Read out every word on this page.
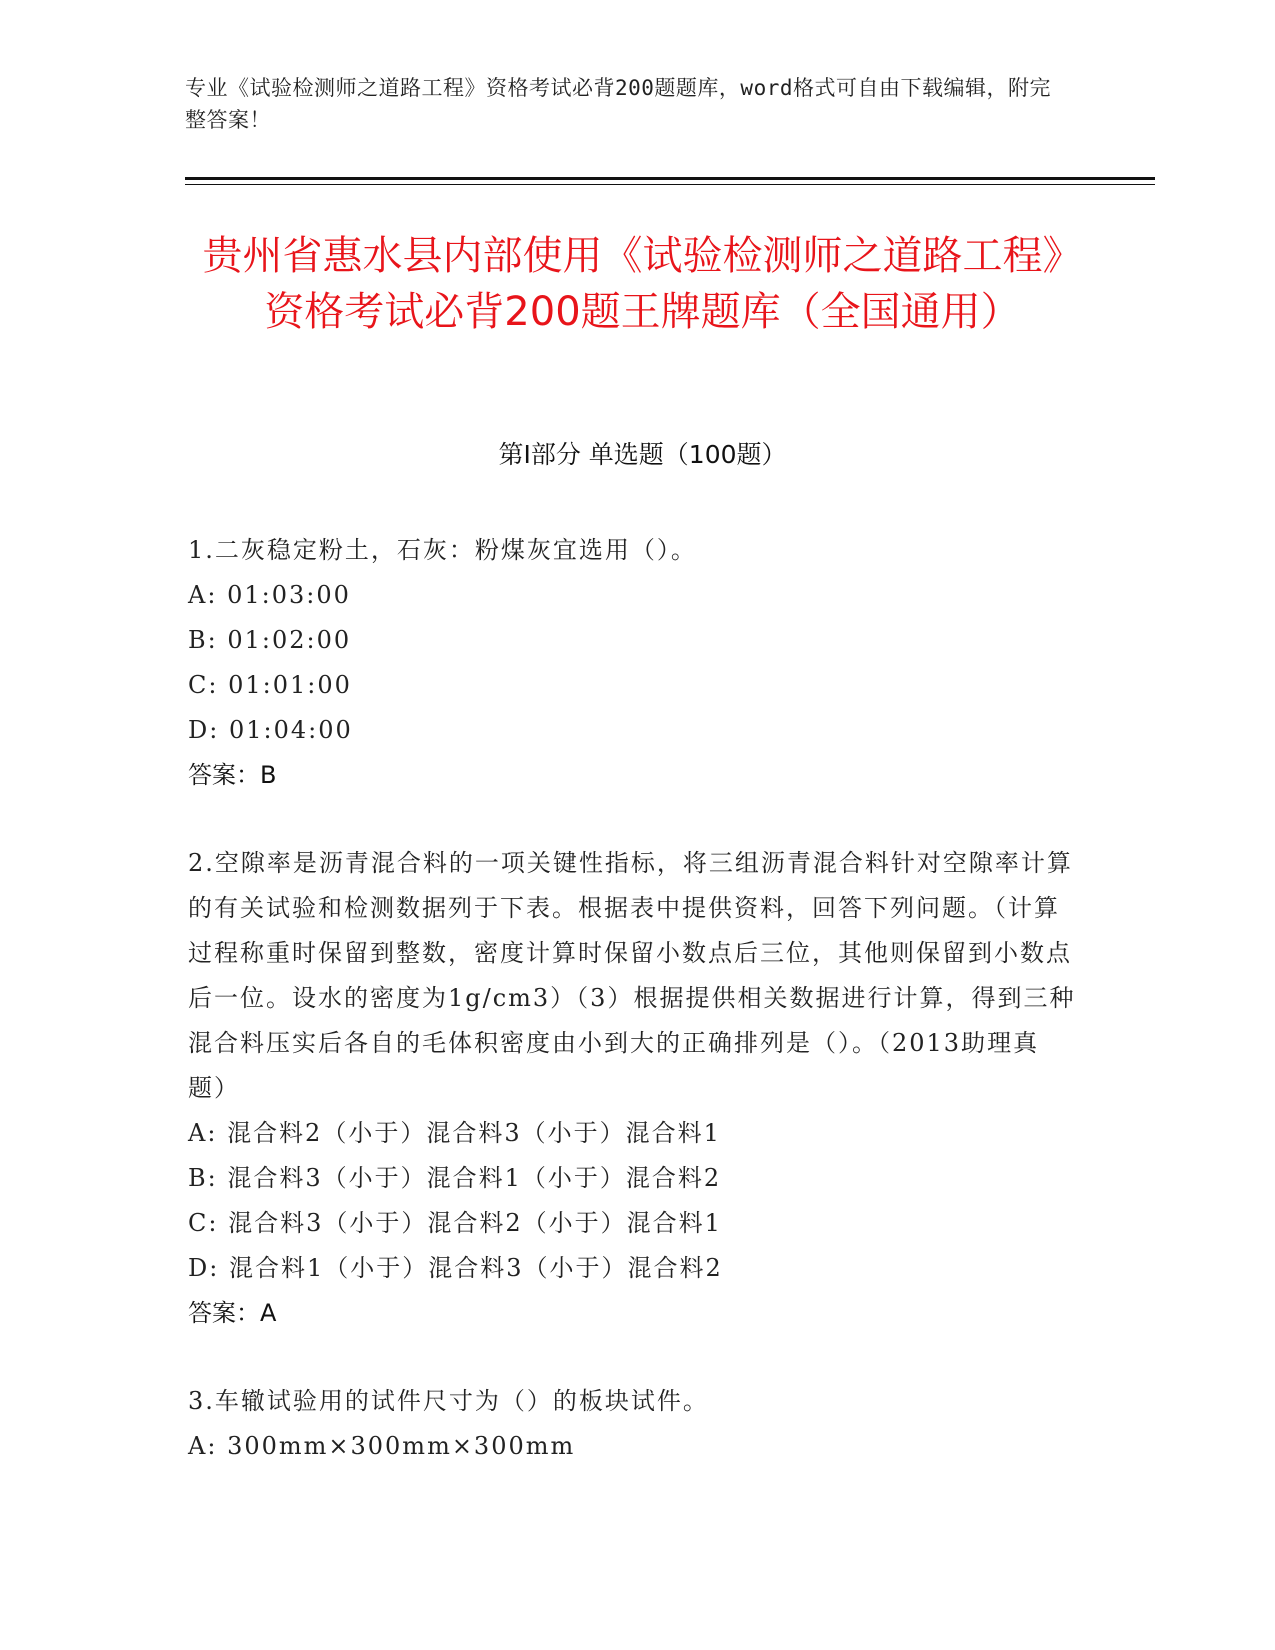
专业《试验检测师之道路工程》资格考试必背200题题库，word格式可自由下载编辑，附完整答案！
贵州省惠水县内部使用《试验检测师之道路工程》资格考试必背200题王牌题库（全国通用）
第I部分 单选题（100题）

1.二灰稳定粉土，石灰：粉煤灰宜选用（）。

A: 01:03:00

B: 01:02:00

C: 01:01:00

D: 01:04:00

答案：B

2.空隙率是沥青混合料的一项关键性指标，将三组沥青混合料针对空隙率计算的有关试验和检测数据列于下表。根据表中提供资料，回答下列问题。（计算过程称重时保留到整数，密度计算时保留小数点后三位，其他则保留到小数点后一位。设水的密度为1g/cm3）（3）根据提供相关数据进行计算，得到三种混合料压实后各自的毛体积密度由小到大的正确排列是（）。（2013助理真题）

A: 混合料2（小于）混合料3（小于）混合料1

B: 混合料3（小于）混合料1（小于）混合料2

C: 混合料3（小于）混合料2（小于）混合料1

D: 混合料1（小于）混合料3（小于）混合料2

答案：A

3.车辙试验用的试件尺寸为（）的板块试件。

A: 300mm×300mm×300mm
